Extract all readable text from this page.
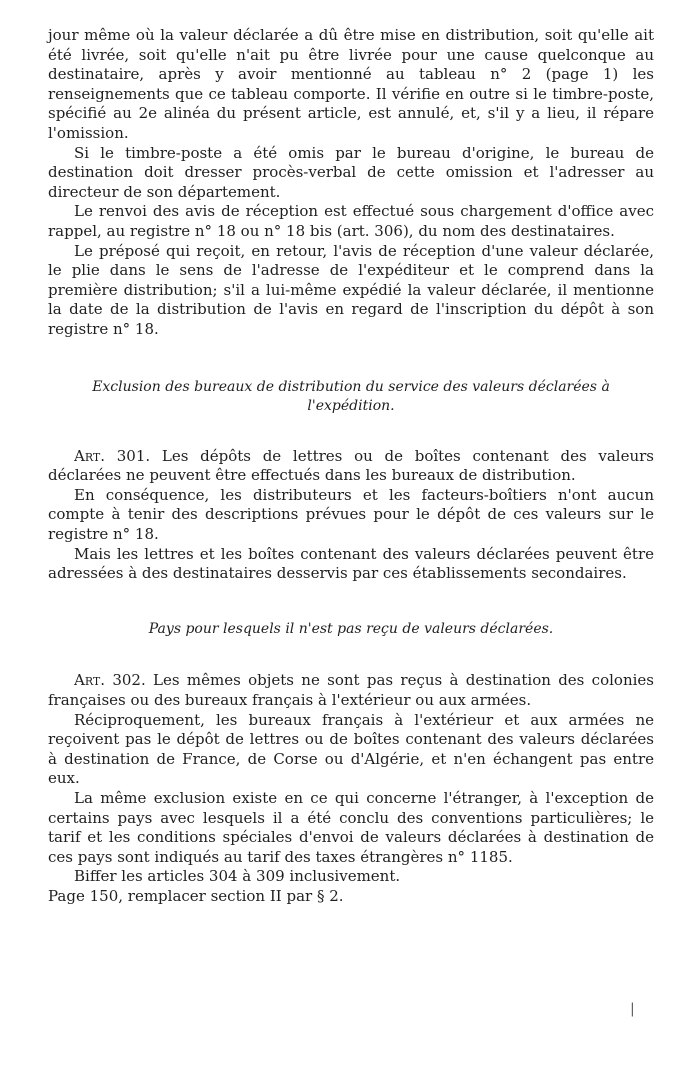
jour même où la valeur déclarée a dû être mise en distribution, soit qu'elle ait été livrée, soit qu'elle n'ait pu être livrée pour une cause quelconque au destinataire, après y avoir mentionné au tableau n° 2 (page 1) les renseignements que ce tableau comporte. Il vérifie en outre si le timbre-poste, spécifié au 2e alinéa du présent article, est annulé, et, s'il y a lieu, il répare l'omission.

Si le timbre-poste a été omis par le bureau d'origine, le bureau de destination doit dresser procès-verbal de cette omission et l'adresser au directeur de son département.

Le renvoi des avis de réception est effectué sous chargement d'office avec rappel, au registre n° 18 ou n° 18 bis (art. 306), du nom des destinataires.

Le préposé qui reçoit, en retour, l'avis de réception d'une valeur déclarée, le plie dans le sens de l'adresse de l'expéditeur et le comprend dans la première distribution; s'il a lui-même expédié la valeur déclarée, il mentionne la date de la distribution de l'avis en regard de l'inscription du dépôt à son registre n° 18.

Exclusion des bureaux de distribution du service des valeurs déclarées à l'expédition.

Art. 301. Les dépôts de lettres ou de boîtes contenant des valeurs déclarées ne peuvent être effectués dans les bureaux de distribution.

En conséquence, les distributeurs et les facteurs-boîtiers n'ont aucun compte à tenir des descriptions prévues pour le dépôt de ces valeurs sur le registre n° 18.

Mais les lettres et les boîtes contenant des valeurs déclarées peuvent être adressées à des destinataires desservis par ces établissements secondaires.

Pays pour lesquels il n'est pas reçu de valeurs déclarées.

Art. 302. Les mêmes objets ne sont pas reçus à destination des colonies françaises ou des bureaux français à l'extérieur ou aux armées.

Réciproquement, les bureaux français à l'extérieur et aux armées ne reçoivent pas le dépôt de lettres ou de boîtes contenant des valeurs déclarées à destination de France, de Corse ou d'Algérie, et n'en échangent pas entre eux.

La même exclusion existe en ce qui concerne l'étranger, à l'exception de certains pays avec lesquels il a été conclu des conventions particulières; le tarif et les conditions spéciales d'envoi de valeurs déclarées à destination de ces pays sont indiqués au tarif des taxes étrangères n° 1185.

Biffer les articles 304 à 309 inclusivement.

Page 150, remplacer section II par § 2.

|
